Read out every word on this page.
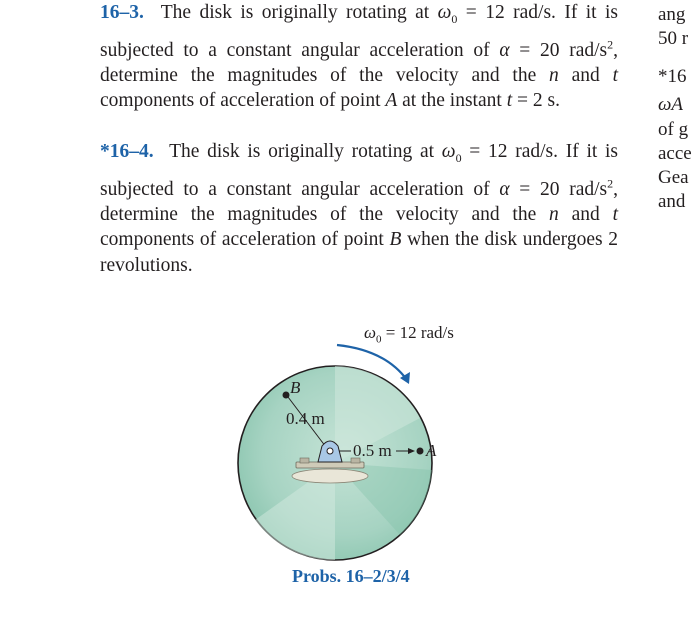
16–3.  The disk is originally rotating at $\omega_0 = 12$ rad/s. If it is subjected to a constant angular acceleration of α = 20 rad/$s^2$, determine the magnitudes of the velocity and the n and t components of acceleration of point A at the instant t = 2 s.
*16–4.  The disk is originally rotating at $\omega_0 = 12$ rad/s. If it is subjected to a constant angular acceleration of α = 20 rad/$s^2$, determine the magnitudes of the velocity and the n and t components of acceleration of point B when the disk undergoes 2 revolutions.
ang
50 r
*16
ωA
of g
acce
Gea
and
$\omega_0 = 12$ rad/s
B
0.4 m
0.5 m A
Probs. 16–2/3/4
